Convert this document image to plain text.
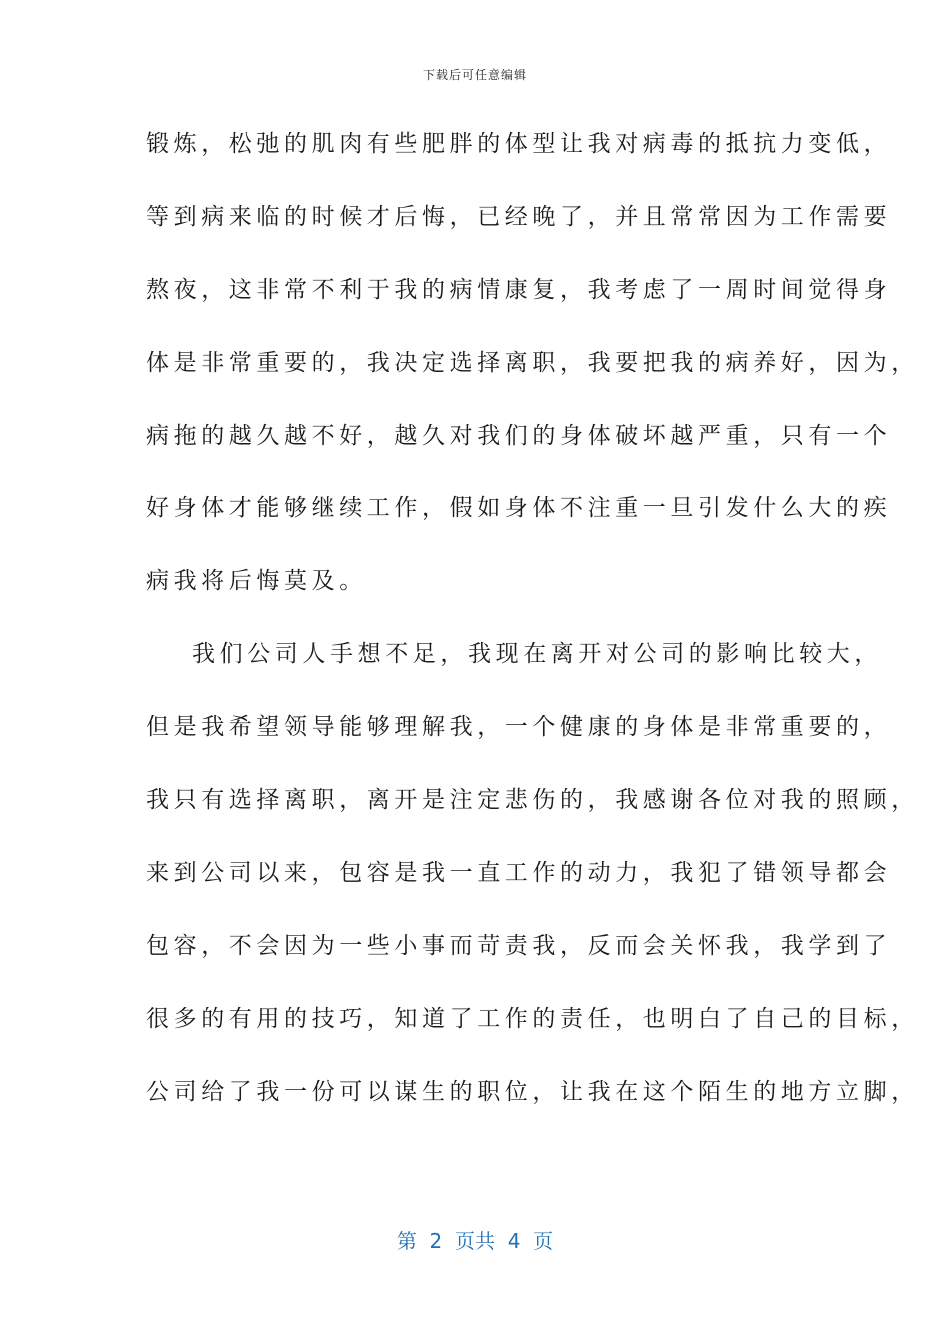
下载后可任意编辑
锻炼，松弛的肌肉有些肥胖的体型让我对病毒的抵抗力变低，
等到病来临的时候才后悔，已经晚了，并且常常因为工作需要
熬夜，这非常不利于我的病情康复，我考虑了一周时间觉得身
体是非常重要的，我决定选择离职，我要把我的病养好，因为，
病拖的越久越不好，越久对我们的身体破坏越严重，只有一个
好身体才能够继续工作，假如身体不注重一旦引发什么大的疾
病我将后悔莫及。
我们公司人手想不足，我现在离开对公司的影响比较大，
但是我希望领导能够理解我，一个健康的身体是非常重要的，
我只有选择离职，离开是注定悲伤的，我感谢各位对我的照顾，
来到公司以来，包容是我一直工作的动力，我犯了错领导都会
包容，不会因为一些小事而苛责我，反而会关怀我，我学到了
很多的有用的技巧，知道了工作的责任，也明白了自己的目标，
公司给了我一份可以谋生的职位，让我在这个陌生的地方立脚，
第  2  页共  4  页
